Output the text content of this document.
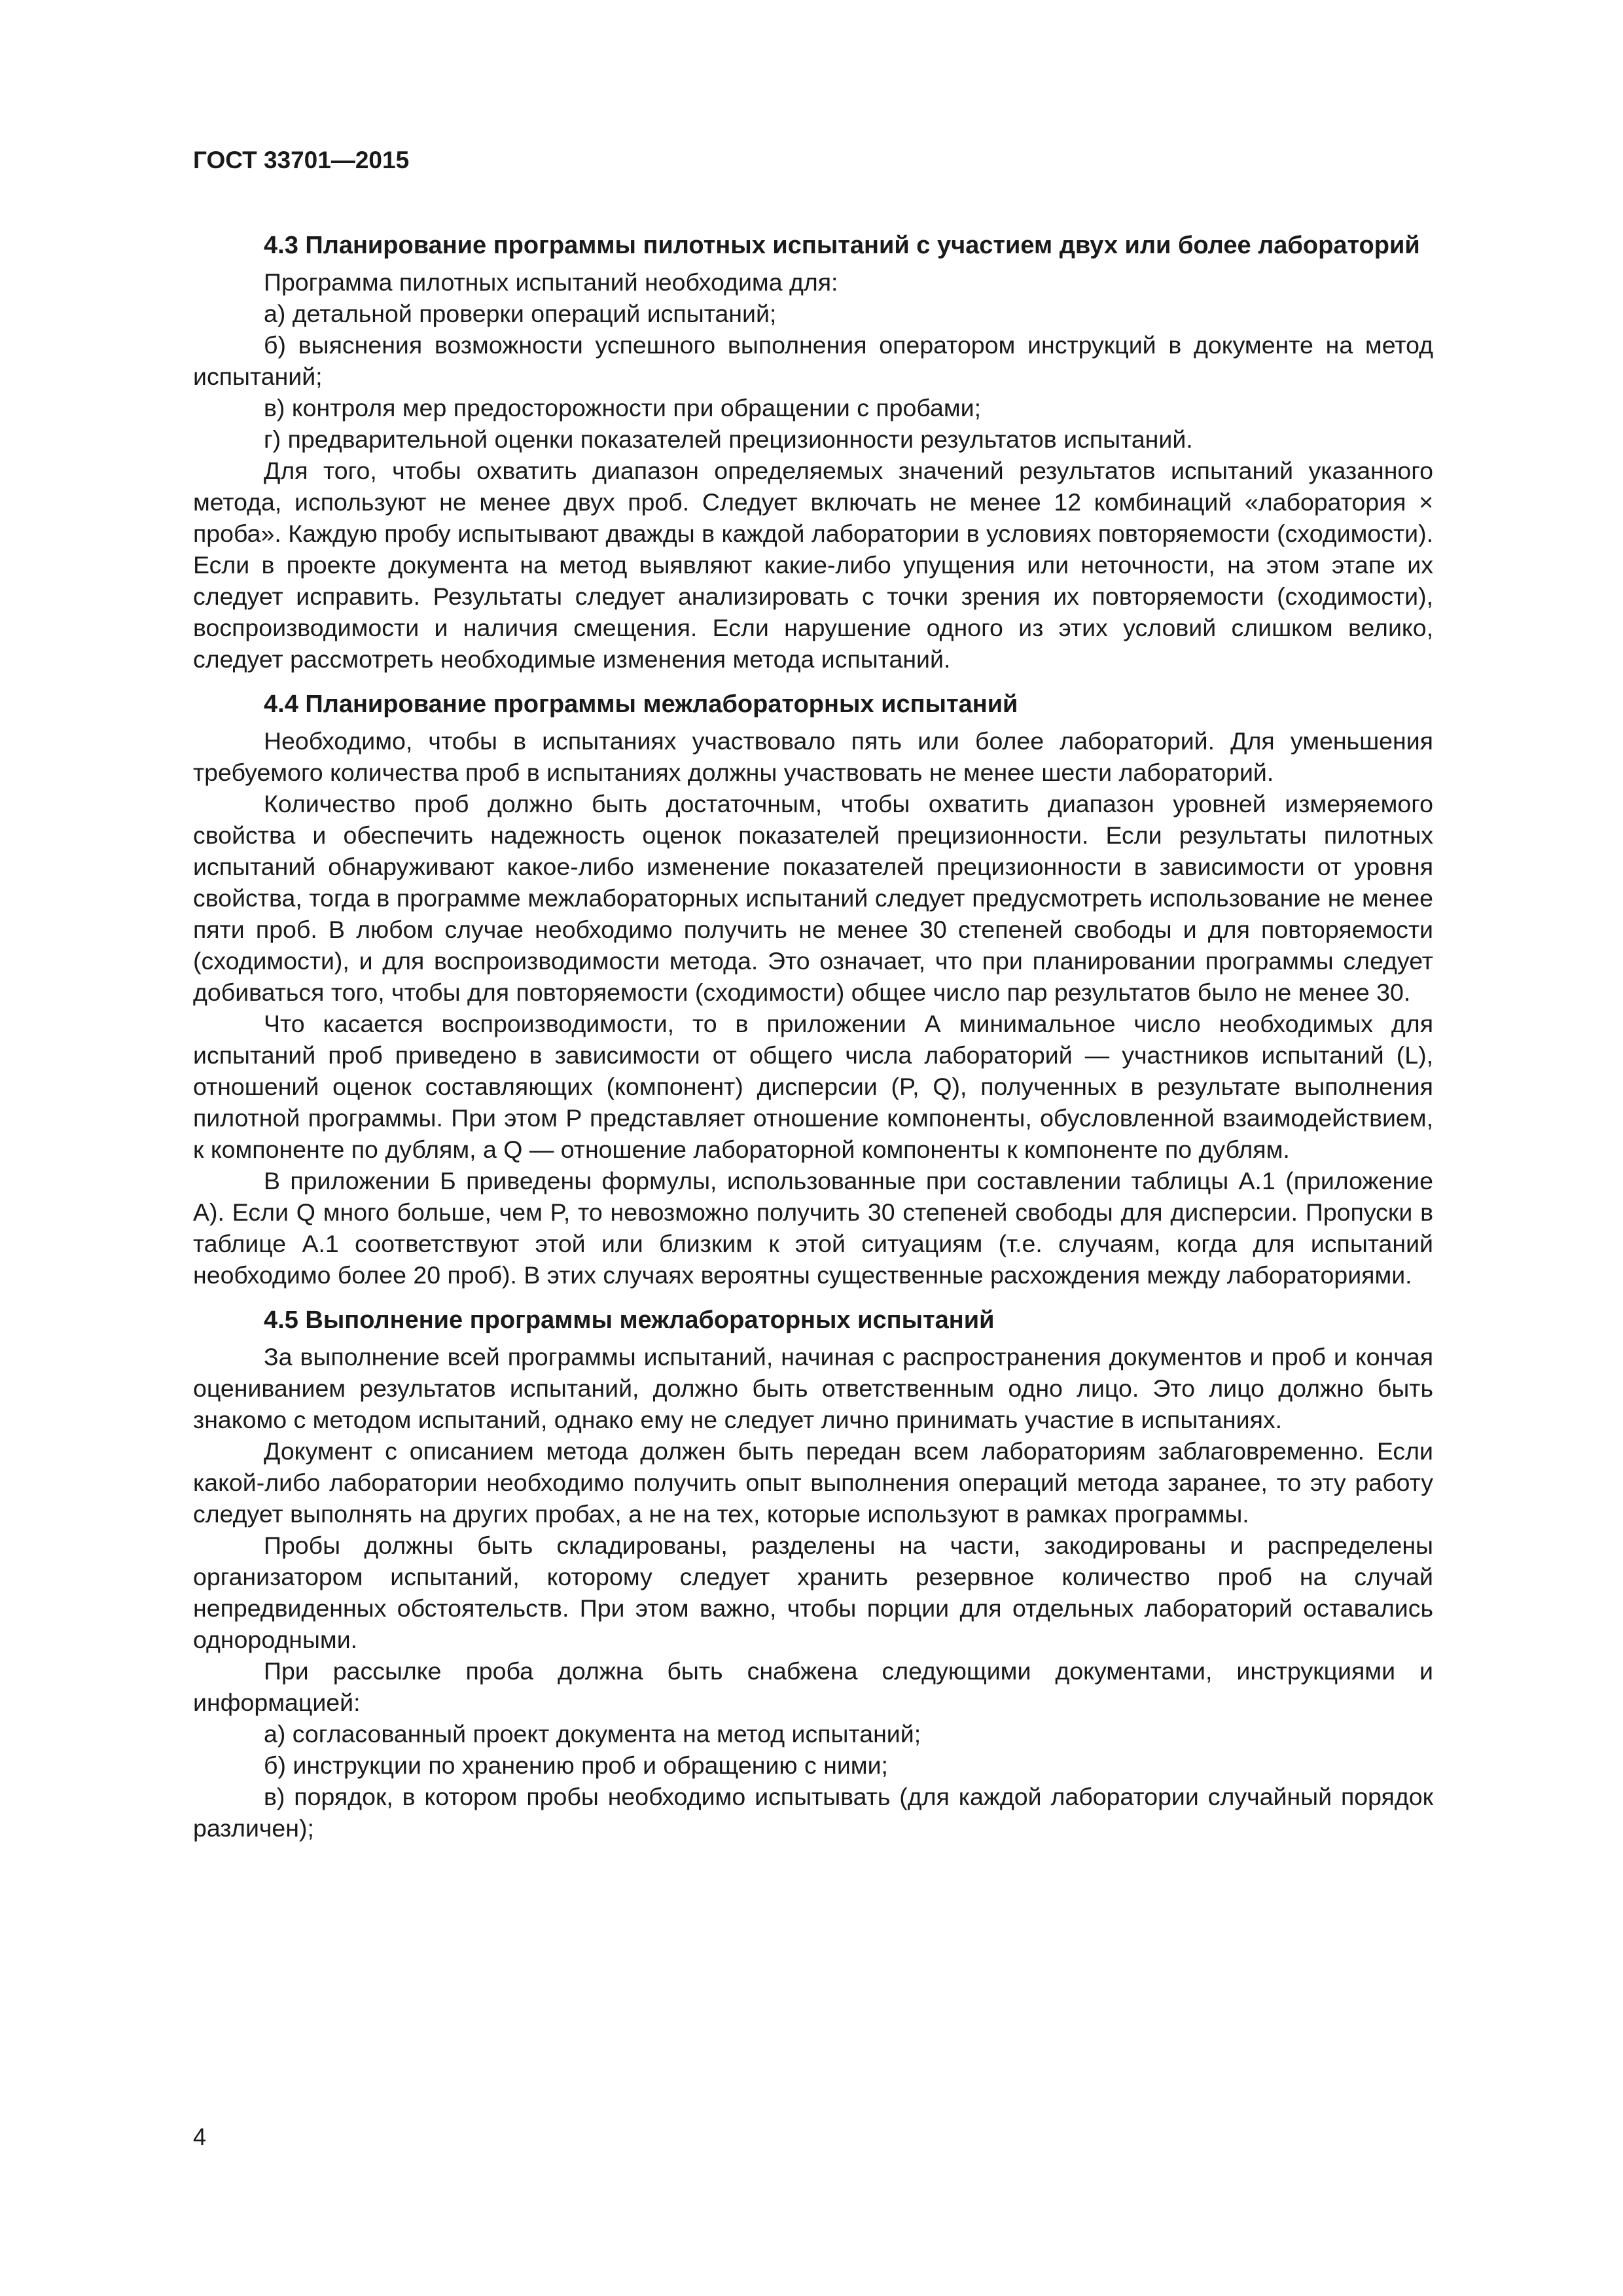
ГОСТ 33701—2015
4.3 Планирование программы пилотных испытаний с участием двух или более лабораторий

Программа пилотных испытаний необходима для:

а) детальной проверки операций испытаний;

б) выяснения возможности успешного выполнения оператором инструкций в документе на метод испытаний;

в) контроля мер предосторожности при обращении с пробами;

г) предварительной оценки показателей прецизионности результатов испытаний.

Для того, чтобы охватить диапазон определяемых значений результатов испытаний указанного метода, используют не менее двух проб. Следует включать не менее 12 комбинаций «лаборатория × проба». Каждую пробу испытывают дважды в каждой лаборатории в условиях повторяемости (сходимости). Если в проекте документа на метод выявляют какие-либо упущения или неточности, на этом этапе их следует исправить. Результаты следует анализировать с точки зрения их повторяемости (сходимости), воспроизводимости и наличия смещения. Если нарушение одного из этих условий слишком велико, следует рассмотреть необходимые изменения метода испытаний.

4.4 Планирование программы межлабораторных испытаний

Необходимо, чтобы в испытаниях участвовало пять или более лабораторий. Для уменьшения требуемого количества проб в испытаниях должны участвовать не менее шести лабораторий.

Количество проб должно быть достаточным, чтобы охватить диапазон уровней измеряемого свойства и обеспечить надежность оценок показателей прецизионности. Если результаты пилотных испытаний обнаруживают какое-либо изменение показателей прецизионности в зависимости от уровня свойства, тогда в программе межлабораторных испытаний следует предусмотреть использование не менее пяти проб. В любом случае необходимо получить не менее 30 степеней свободы и для повторяемости (сходимости), и для воспроизводимости метода. Это означает, что при планировании программы следует добиваться того, чтобы для повторяемости (сходимости) общее число пар результатов было не менее 30.

Что касается воспроизводимости, то в приложении А минимальное число необходимых для испытаний проб приведено в зависимости от общего числа лабораторий — участников испытаний (L), отношений оценок составляющих (компонент) дисперсии (P, Q), полученных в результате выполнения пилотной программы. При этом P представляет отношение компоненты, обусловленной взаимодействием, к компоненте по дублям, а Q — отношение лабораторной компоненты к компоненте по дублям.

В приложении Б приведены формулы, использованные при составлении таблицы А.1 (приложение А). Если Q много больше, чем P, то невозможно получить 30 степеней свободы для дисперсии. Пропуски в таблице А.1 соответствуют этой или близким к этой ситуациям (т.е. случаям, когда для испытаний необходимо более 20 проб). В этих случаях вероятны существенные расхождения между лабораториями.

4.5 Выполнение программы межлабораторных испытаний

За выполнение всей программы испытаний, начиная с распространения документов и проб и кончая оцениванием результатов испытаний, должно быть ответственным одно лицо. Это лицо должно быть знакомо с методом испытаний, однако ему не следует лично принимать участие в испытаниях.

Документ с описанием метода должен быть передан всем лабораториям заблаговременно. Если какой-либо лаборатории необходимо получить опыт выполнения операций метода заранее, то эту работу следует выполнять на других пробах, а не на тех, которые используют в рамках программы.

Пробы должны быть складированы, разделены на части, закодированы и распределены организатором испытаний, которому следует хранить резервное количество проб на случай непредвиденных обстоятельств. При этом важно, чтобы порции для отдельных лабораторий оставались однородными.

При рассылке проба должна быть снабжена следующими документами, инструкциями и информацией:

а) согласованный проект документа на метод испытаний;

б) инструкции по хранению проб и обращению с ними;

в) порядок, в котором пробы необходимо испытывать (для каждой лаборатории случайный порядок различен);

4
